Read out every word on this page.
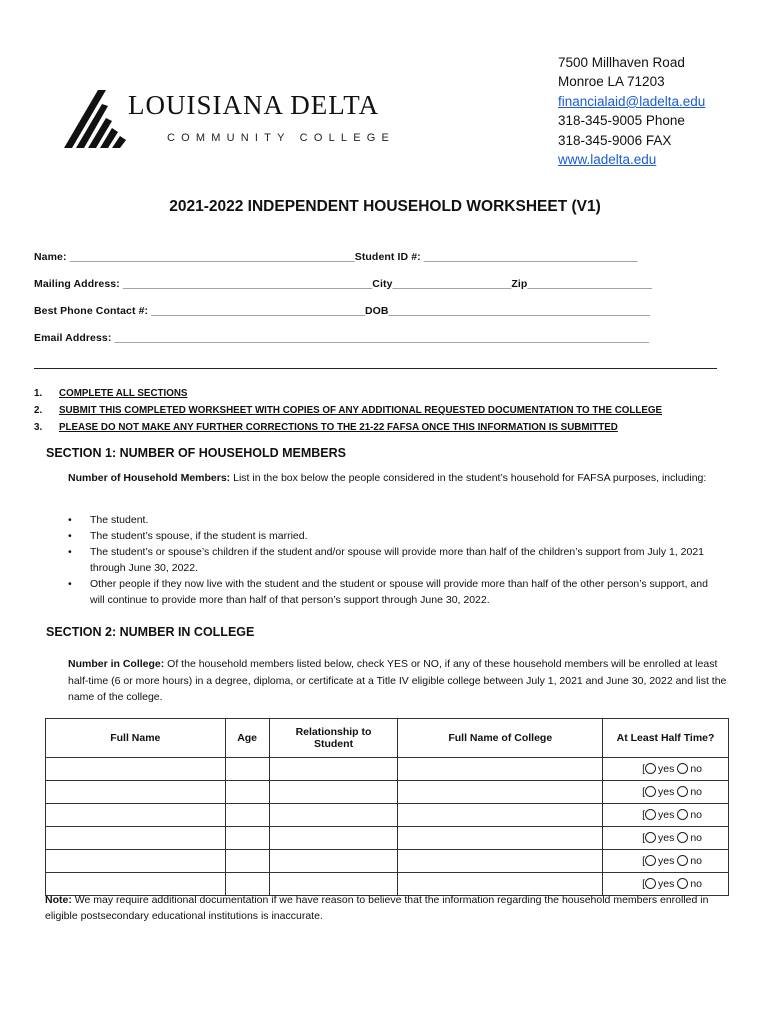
LOUISIANA DELTA
COMMUNITY COLLEGE
7500 Millhaven Road
Monroe LA 71203
financialaid@ladelta.edu
318-345-9005 Phone
318-345-9006 FAX
www.ladelta.edu
2021-2022 INDEPENDENT HOUSEHOLD WORKSHEET (V1)
Name: ________________________________________________Student ID #: ____________________________________
Mailing Address: __________________________________________City____________________Zip_____________________
Best Phone Contact #: ____________________________________DOB____________________________________________
Email Address: __________________________________________________________________________________________
1. COMPLETE ALL SECTIONS
2. SUBMIT THIS COMPLETED WORKSHEET WITH COPIES OF ANY ADDITIONAL REQUESTED DOCUMENTATION TO THE COLLEGE
3. PLEASE DO NOT MAKE ANY FURTHER CORRECTIONS TO THE 21-22 FAFSA ONCE THIS INFORMATION IS SUBMITTED
SECTION 1: NUMBER OF HOUSEHOLD MEMBERS
Number of Household Members: List in the box below the people considered in the student’s household for FAFSA purposes, including:
• The student.
• The student’s spouse, if the student is married.
• The student’s or spouse’s children if the student and/or spouse will provide more than half of the children’s support from July 1, 2021 through June 30, 2022.
• Other people if they now live with the student and the student or spouse will provide more than half of the other person’s support, and will continue to provide more than half of that person’s support through June 30, 2022.
SECTION 2: NUMBER IN COLLEGE
Number in College: Of the household members listed below, check YES or NO, if any of these household members will be enrolled at least half-time (6 or more hours) in a degree, diploma, or certificate at a Title IV eligible college between July 1, 2021 and June 30, 2022 and list the name of the college.
Full Name	Age	Relationship to Student	Full Name of College	At Least Half Time?
				[ yes no
				[ yes no
				[ yes no
				[ yes no
				[ yes no
				[ yes no
Note: We may require additional documentation if we have reason to believe that the information regarding the household members enrolled in eligible postsecondary educational institutions is inaccurate.
